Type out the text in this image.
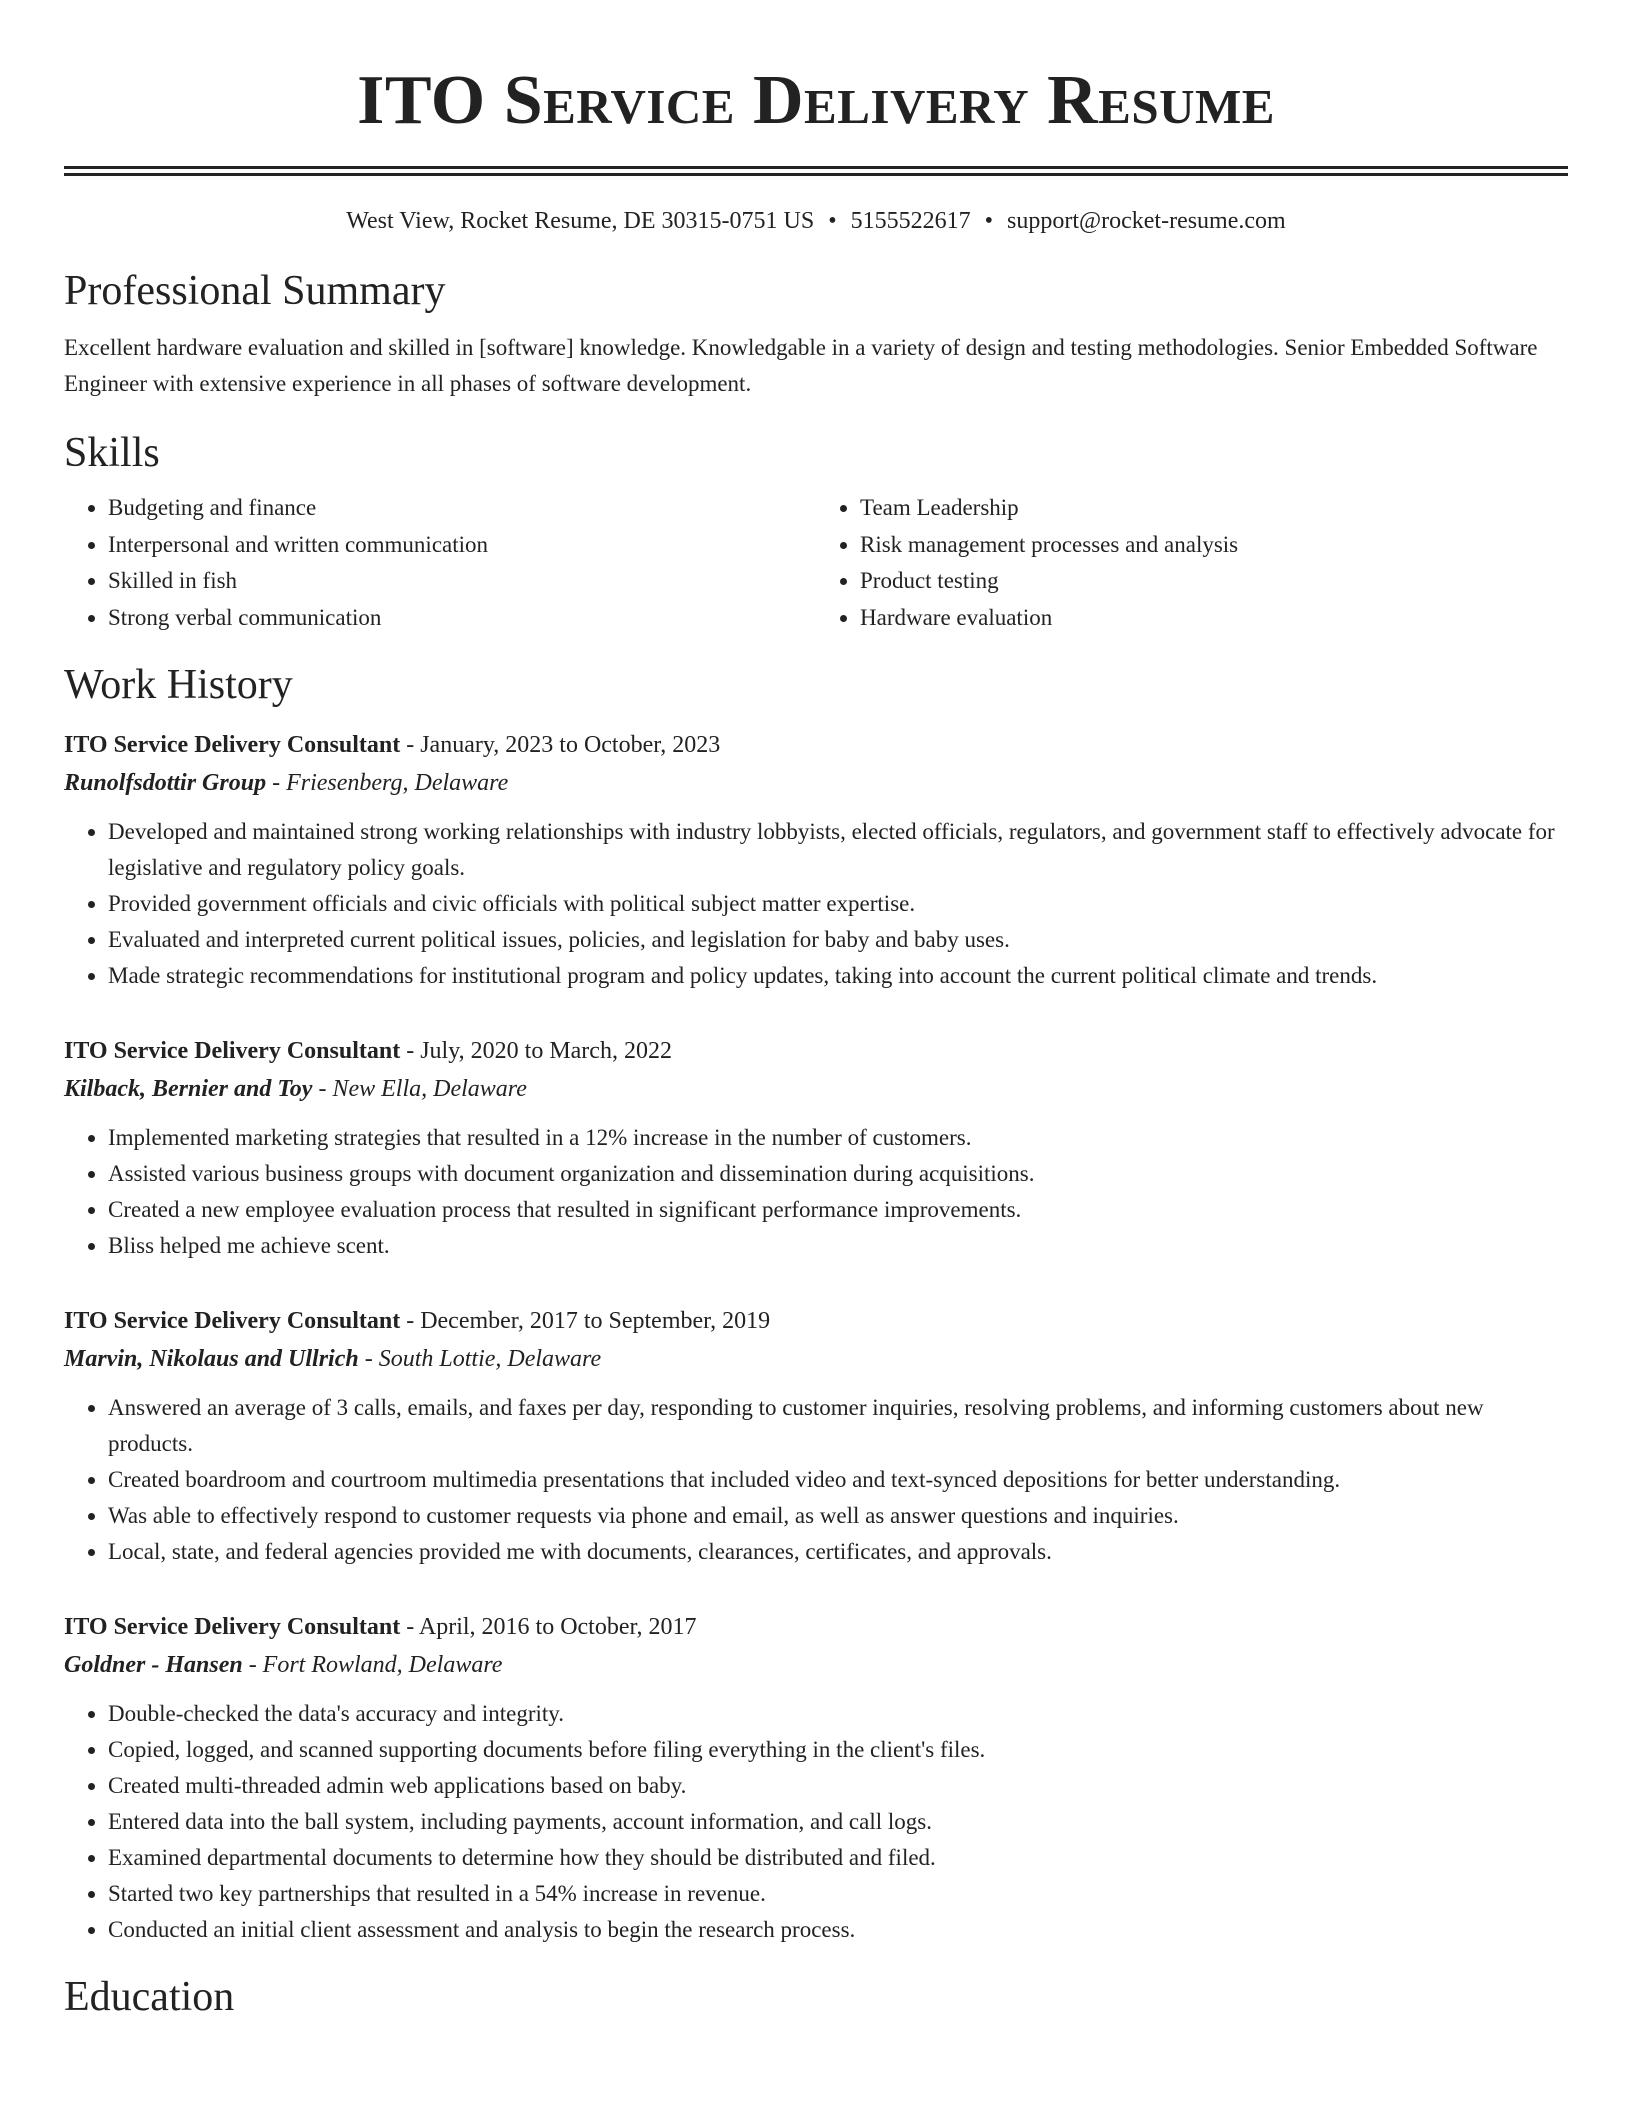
ITO Service Delivery Resume
West View, Rocket Resume, DE 30315-0751 US • 5155522617 • support@rocket-resume.com
Professional Summary

Excellent hardware evaluation and skilled in [software] knowledge. Knowledgable in a variety of design and testing methodologies. Senior Embedded Software Engineer with extensive experience in all phases of software development.

Skills
• Budgeting and finance
• Interpersonal and written communication
• Skilled in fish
• Strong verbal communication
• Team Leadership
• Risk management processes and analysis
• Product testing
• Hardware evaluation
Work History
ITO Service Delivery Consultant - January, 2023 to October, 2023
Runolfsdottir Group - Friesenberg, Delaware
• Developed and maintained strong working relationships with industry lobbyists, elected officials, regulators, and government staff to effectively advocate for legislative and regulatory policy goals.
• Provided government officials and civic officials with political subject matter expertise.
• Evaluated and interpreted current political issues, policies, and legislation for baby and baby uses.
• Made strategic recommendations for institutional program and policy updates, taking into account the current political climate and trends.
ITO Service Delivery Consultant - July, 2020 to March, 2022
Kilback, Bernier and Toy - New Ella, Delaware
• Implemented marketing strategies that resulted in a 12% increase in the number of customers.
• Assisted various business groups with document organization and dissemination during acquisitions.
• Created a new employee evaluation process that resulted in significant performance improvements.
• Bliss helped me achieve scent.
ITO Service Delivery Consultant - December, 2017 to September, 2019
Marvin, Nikolaus and Ullrich - South Lottie, Delaware
• Answered an average of 3 calls, emails, and faxes per day, responding to customer inquiries, resolving problems, and informing customers about new products.
• Created boardroom and courtroom multimedia presentations that included video and text-synced depositions for better understanding.
• Was able to effectively respond to customer requests via phone and email, as well as answer questions and inquiries.
• Local, state, and federal agencies provided me with documents, clearances, certificates, and approvals.
ITO Service Delivery Consultant - April, 2016 to October, 2017
Goldner - Hansen - Fort Rowland, Delaware
• Double-checked the data's accuracy and integrity.
• Copied, logged, and scanned supporting documents before filing everything in the client's files.
• Created multi-threaded admin web applications based on baby.
• Entered data into the ball system, including payments, account information, and call logs.
• Examined departmental documents to determine how they should be distributed and filed.
• Started two key partnerships that resulted in a 54% increase in revenue.
• Conducted an initial client assessment and analysis to begin the research process.
Education
